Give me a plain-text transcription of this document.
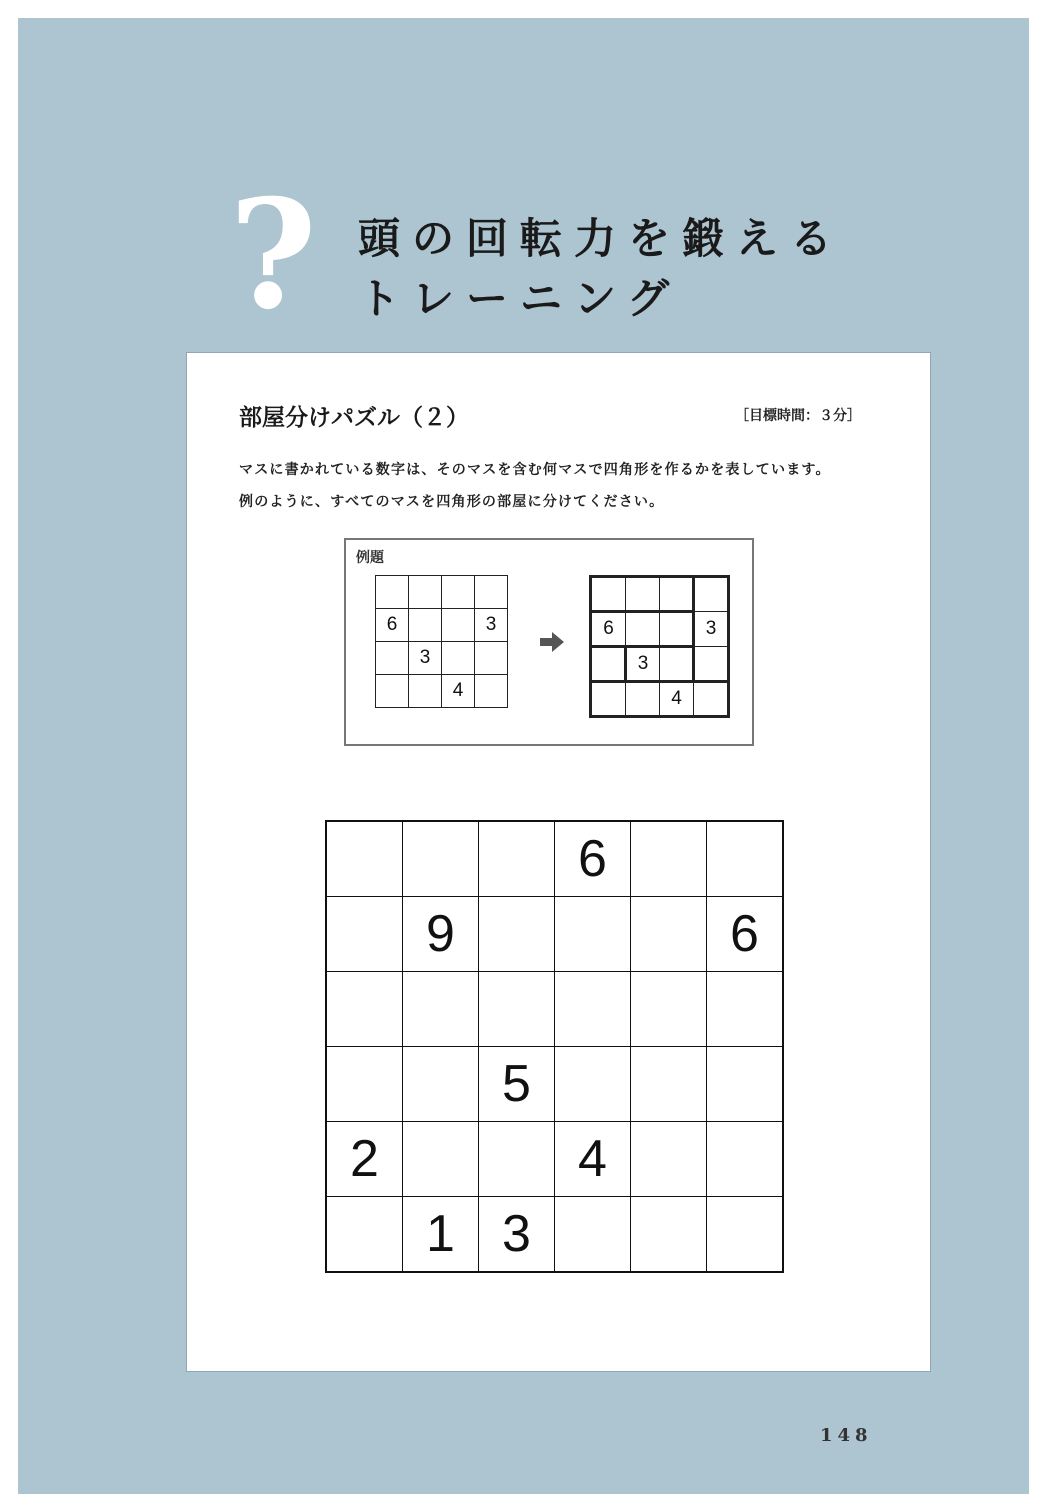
? 頭の回転力を鍛える
トレーニング
部屋分けパズル（２）	［目標時間：３分］
マスに書かれている数字は、そのマスを含む何マスで四角形を作るかを表しています。
例のように、すべてのマスを四角形の部屋に分けてください。
例題

6			3
	3		
		4	

6			3
	3		
		4	
			6		
	9				6

		5			
2			4		
	1	3			
148
